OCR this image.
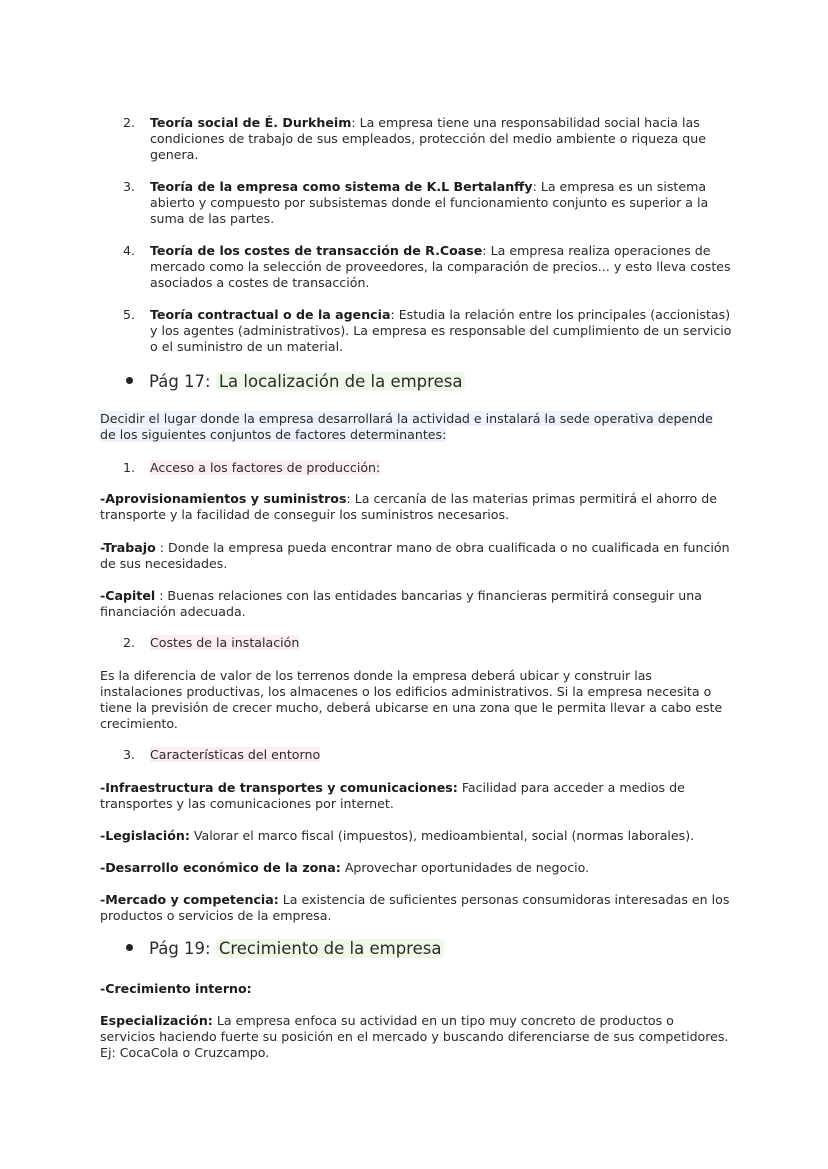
2.	Teoría social de É. Durkheim: La empresa tiene una responsabilidad social hacia las condiciones de trabajo de sus empleados, protección del medio ambiente o riqueza que genera.
3.	Teoría de la empresa como sistema de K.L Bertalanffy: La empresa es un sistema abierto y compuesto por subsistemas donde el funcionamiento conjunto es superior a la suma de las partes.
4.	Teoría de los costes de transacción de R.Coase: La empresa realiza operaciones de mercado como la selección de proveedores, la comparación de precios... y esto lleva costes asociados a costes de transacción.
5.	Teoría contractual o de la agencia: Estudia la relación entre los principales (accionistas) y los agentes (administrativos). La empresa es responsable del cumplimiento de un servicio o el suministro de un material.
Pág 17: La localización de la empresa
Decidir el lugar donde la empresa desarrollará la actividad e instalará la sede operativa depende de los siguientes conjuntos de factores determinantes:
1. Acceso a los factores de producción:
-Aprovisionamientos y suministros: La cercanía de las materias primas permitirá el ahorro de transporte y la facilidad de conseguir los suministros necesarios.
-Trabajo : Donde la empresa pueda encontrar mano de obra cualificada o no cualificada en función de sus necesidades.
-Capitel : Buenas relaciones con las entidades bancarias y financieras permitirá conseguir una financiación adecuada.
2. Costes de la instalación
Es la diferencia de valor de los terrenos donde la empresa deberá ubicar y construir las instalaciones productivas, los almacenes o los edificios administrativos. Si la empresa necesita o tiene la previsión de crecer mucho, deberá ubicarse en una zona que le permita llevar a cabo este crecimiento.
3. Características del entorno
-Infraestructura de transportes y comunicaciones: Facilidad para acceder a medios de transportes y las comunicaciones por internet.
-Legislación: Valorar el marco fiscal (impuestos), medioambiental, social (normas laborales).
-Desarrollo económico de la zona: Aprovechar oportunidades de negocio.
-Mercado y competencia: La existencia de suficientes personas consumidoras interesadas en los productos o servicios de la empresa.
Pág 19: Crecimiento de la empresa
-Crecimiento interno:
Especialización: La empresa enfoca su actividad en un tipo muy concreto de productos o servicios haciendo fuerte su posición en el mercado y buscando diferenciarse de sus competidores. Ej: CocaCola o Cruzcampo.
